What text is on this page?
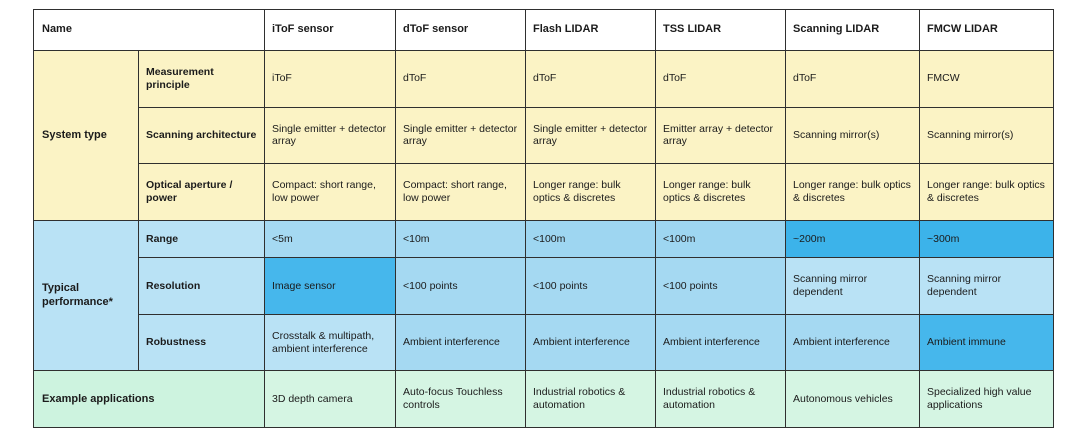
Name		iToF sensor	dToF sensor	Flash LIDAR	TSS LIDAR	Scanning LIDAR	FMCW LIDAR
System type	Measurement principle	iToF	dToF	dToF	dToF	dToF	FMCW
	Scanning architecture	Single emitter + detector array	Single emitter + detector array	Single emitter + detector array	Emitter array + detector array	Scanning mirror(s)	Scanning mirror(s)
	Optical aperture / power	Compact: short range, low power	Compact: short range, low power	Longer range: bulk optics & discretes	Longer range: bulk optics & discretes	Longer range: bulk optics & discretes	Longer range: bulk optics & discretes
Typical performance*	Range	<5m	<10m	<100m	<100m	~200m	~300m
	Resolution	Image sensor	<100 points	<100 points	<100 points	Scanning mirror dependent	Scanning mirror dependent
	Robustness	Crosstalk & multipath, ambient interference	Ambient interference	Ambient interference	Ambient interference	Ambient interference	Ambient immune
Example applications		3D depth camera	Auto-focus Touchless controls	Industrial robotics & automation	Industrial robotics & automation	Autonomous vehicles	Specialized high value applications
